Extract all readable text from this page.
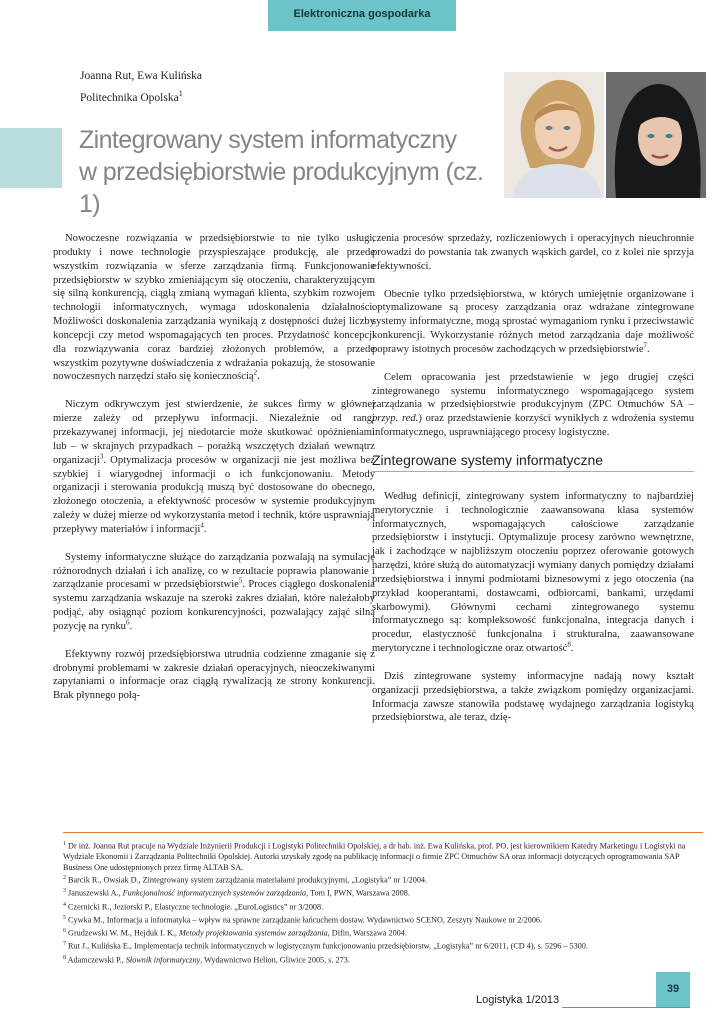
Elektroniczna gospodarka
Joanna Rut, Ewa Kulińska
Politechnika Opolska$^1$
Zintegrowany system informatyczny
w przedsiębiorstwie produkcyjnym (cz. 1)

Nowoczesne rozwiązania w przedsiębiorstwie to nie tylko usługi, produkty i nowe technologie przyspieszające produkcję, ale przede wszystkim rozwiązania w sferze zarządzania firmą. Funkcjonowanie przedsiębiorstw w szybko zmieniającym się otoczeniu, charakteryzującym się silną konkurencją, ciągłą zmianą wymagań klienta, szybkim rozwojem technologii informatycznych, wymaga udoskonalenia działalności. Możliwości doskonalenia zarządzania wynikają z dostępności dużej liczby koncepcji czy metod wspomagających ten proces. Przydatność koncepcji dla rozwiązywania coraz bardziej złożonych problemów, a przede wszystkim pozytywne doświadczenia z wdrażania pokazują, że stosowanie nowoczesnych narzędzi stało się koniecznością$^2$.

Niczym odkrywczym jest stwierdzenie, że sukces firmy w głównej mierze zależy od przepływu informacji. Niezależnie od rangi przekazywanej informacji, jej niedotarcie może skutkować opóźnieniami lub – w skrajnych przypadkach – porażką wszczętych działań wewnątrz organizacji$^3$. Optymalizacja procesów w organizacji nie jest możliwa bez szybkiej i wiarygodnej informacji o ich funkcjonowaniu. Metody organizacji i sterowania produkcją muszą być dostosowane do obecnego, złożonego otoczenia, a efektywność procesów w systemie produkcyjnym zależy w dużej mierze od wykorzystania metod i technik, które usprawniają przepływy materiałów i informacji$^4$.

Systemy informatyczne służące do zarządzania pozwalają na symulację różnorodnych działań i ich analizę, co w rezultacie poprawia planowanie i zarządzanie procesami w przedsiębiorstwie$^5$. Proces ciągłego doskonalenia systemu zarządzania wskazuje na szeroki zakres działań, które należałoby podjąć, aby osiągnąć poziom konkurencyjności, pozwalający zająć silną pozycję na rynku$^6$.

Efektywny rozwój przedsiębiorstwa utrudnia codzienne zmaganie się z drobnymi problemami w zakresie działań operacyjnych, nieoczekiwanymi zapytaniami o informacje oraz ciągłą rywalizacją ze strony konkurencji. Brak płynnego połą-

czenia procesów sprzedaży, rozliczeniowych i operacyjnych nieuchronnie prowadzi do powstania tak zwanych wąskich gardel, co z kolei nie sprzyja efektywności.

Obecnie tylko przedsiębiorstwa, w których umiejętnie organizowane i optymalizowane są procesy zarządzania oraz wdrażane zintegrowane systemy informatyczne, mogą sprostać wymaganiom rynku i przeciwstawić konkurencji. Wykorzystanie różnych metod zarządzania daje możliwość poprawy istotnych procesów zachodzących w przedsiębiorstwie$^7$.

Celem opracowania jest przedstawienie w jego drugiej części zintegrowanego systemu informatycznego wspomagającego system zarządzania w przedsiębiorstwie produkcyjnym (ZPC Otmuchów SA – przyp. red.) oraz przedstawienie korzyści wynikłych z wdrożenia systemu informatycznego, usprawniającego procesy logistyczne.

Zintegrowane systemy informatyczne

Według definicji, zintegrowany system informatyczny to najbardziej merytorycznie i technologicznie zaawansowana klasa systemów informatycznych, wspomagających całościowe zarządzanie przedsiębiorstw i instytucji. Optymalizuje procesy zarówno wewnętrzne, jak i zachodzące w najbliższym otoczeniu poprzez oferowanie gotowych narzędzi, które służą do automatyzacji wymiany danych pomiędzy działami przedsiębiorstwa i innymi podmiotami biznesowymi z jego otoczenia (na przykład kooperantami, dostawcami, odbiorcami, bankami, urzędami skarbowymi). Głównymi cechami zintegrowanego systemu informatycznego są: kompleksowość funkcjonalna, integracja danych i procedur, elastyczność funkcjonalna i strukturalna, zaawansowane merytoryczne i technologiczne oraz otwartość$^8$.

Dziś zintegrowane systemy informacyjne nadają nowy kształt organizacji przedsiębiorstwa, a także związkom pomiędzy organizacjami. Informacja zawsze stanowiła podstawę wydajnego zarządzania logistyką przedsiębiorstwa, ale teraz, dzię-

$^1$ Dr inż. Joanna Rut pracuje na Wydziale Inżynierii Produkcji i Logistyki Politechniki Opolskiej, a dr hab. inż. Ewa Kulińska, prof. PO, jest kierownikiem Katedry Marketingu i Logistyki na Wydziale Ekonomii i Zarządzania Politechniki Opolskiej. Autorki uzyskały zgodę na publikację informacji o firmie ZPC Otmuchów SA oraz informacji dotyczących oprogramowania SAP Business One udostępnionych przez firmę ALTAB SA.
$^2$ Barcik R., Owsiak D., Zintegrowany system zarządzania materiałami produkcyjnymi, „Logistyka” nr 1/2004.
$^3$ Januszewski A., Funkcjonalność informatycznych systemów zarządzania, Tom I, PWN, Warszawa 2008.
$^4$ Czernicki R., Jeziorski P., Elastyczne technologie. „EuroLogistics” nr 3/2008.
$^5$ Cywka M., Informacja a informatyka – wpływ na sprawne zarządzanie łańcuchem dostaw. Wydawnictwo SCENO, Zeszyty Naukowe nr 2/2006.
$^6$ Grudzewski W. M., Hejduk I. K., Metody projektowania systemów zarządzania, Difin, Warszawa 2004.
$^7$ Rut J., Kulińska E., Implementacja technik informatycznych w logistycznym funkcjonowaniu przedsiębiorstw, „Logistyka” nr 6/2011, (CD 4), s. 5296 – 5300.
$^8$ Adamczewski P., Słownik informatyczny, Wydawnictwo Helion, Gliwice 2005, s. 273.
Logistyka 1/2013
39
